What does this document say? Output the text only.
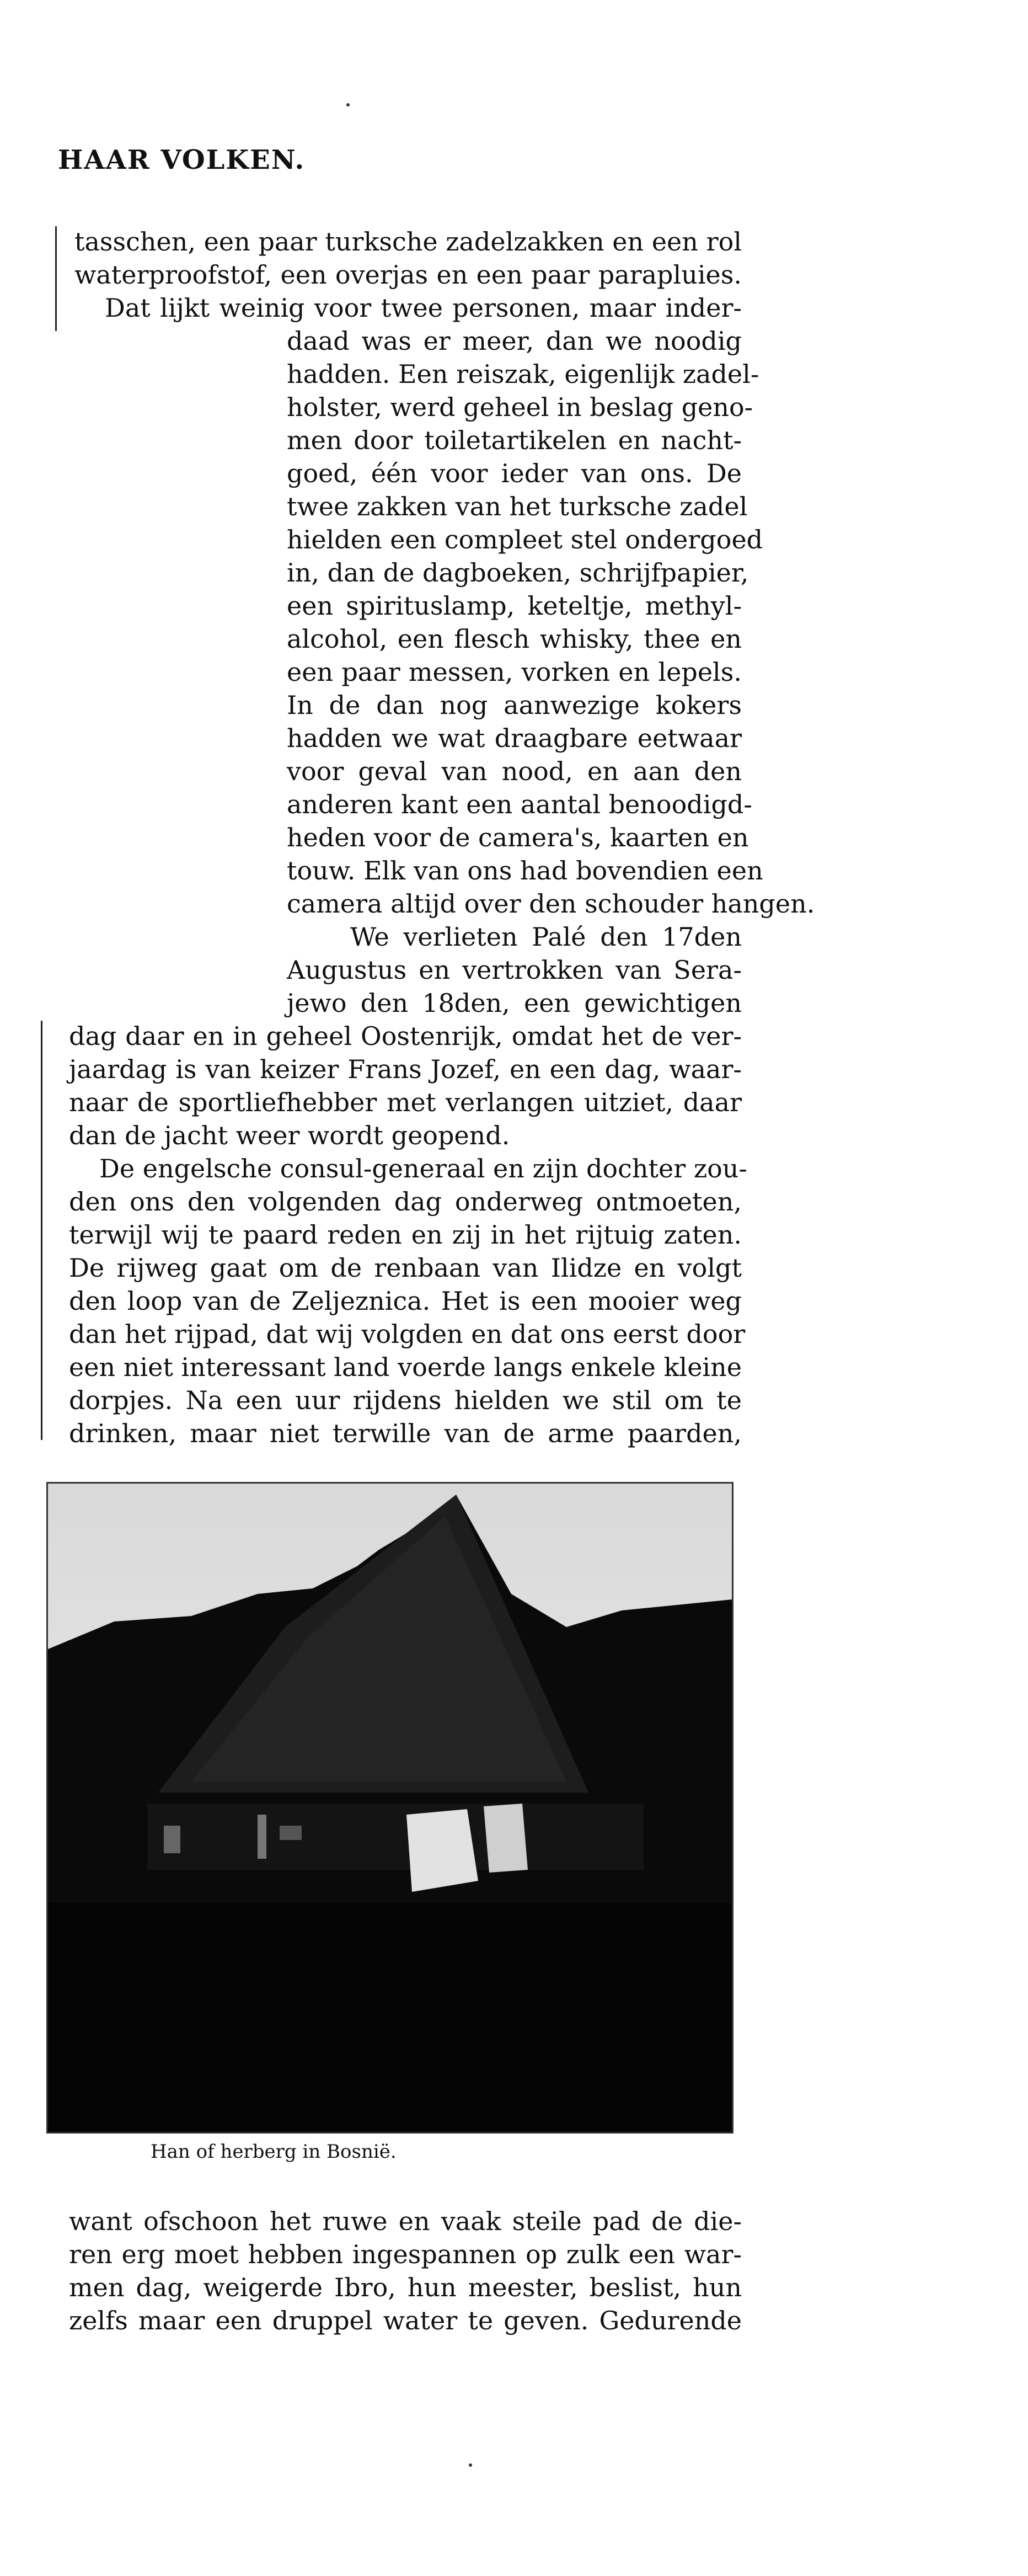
HAAR VOLKEN.
tasschen, een paar turksche zadelzakken en een rol
waterproofstof, een overjas en een paar parapluies.
Dat lijkt weinig voor twee personen, maar inder-
daad was er meer, dan we noodig
hadden. Een reiszak, eigenlijk zadel-
holster, werd geheel in beslag geno-
men door toiletartikelen en nacht-
goed, één voor ieder van ons. De
twee zakken van het turksche zadel
hielden een compleet stel ondergoed
in, dan de dagboeken, schrijfpapier,
een spirituslamp, keteltje, methyl-
alcohol, een flesch whisky, thee en
een paar messen, vorken en lepels.
In de dan nog aanwezige kokers
hadden we wat draagbare eetwaar
voor geval van nood, en aan den
anderen kant een aantal benoodigd-
heden voor de camera's, kaarten en
touw. Elk van ons had bovendien een
camera altijd over den schouder hangen.
We verlieten Palé den 17den
Augustus en vertrokken van Sera-
jewo den 18den, een gewichtigen
dag daar en in geheel Oostenrijk, omdat het de ver-
jaardag is van keizer Frans Jozef, en een dag, waar-
naar de sportliefhebber met verlangen uitziet, daar
dan de jacht weer wordt geopend.
De engelsche consul-generaal en zijn dochter zou-
den ons den volgenden dag onderweg ontmoeten,
terwijl wij te paard reden en zij in het rijtuig zaten.
De rijweg gaat om de renbaan van Ilidze en volgt
den loop van de Zeljeznica. Het is een mooier weg
dan het rijpad, dat wij volgden en dat ons eerst door
een niet interessant land voerde langs enkele kleine
dorpjes. Na een uur rijdens hielden we stil om te
drinken, maar niet terwille van de arme paarden,
Han of herberg in Bosnië.
want ofschoon het ruwe en vaak steile pad de die-
ren erg moet hebben ingespannen op zulk een war-
men dag, weigerde Ibro, hun meester, beslist, hun
zelfs maar een druppel water te geven. Gedurende
